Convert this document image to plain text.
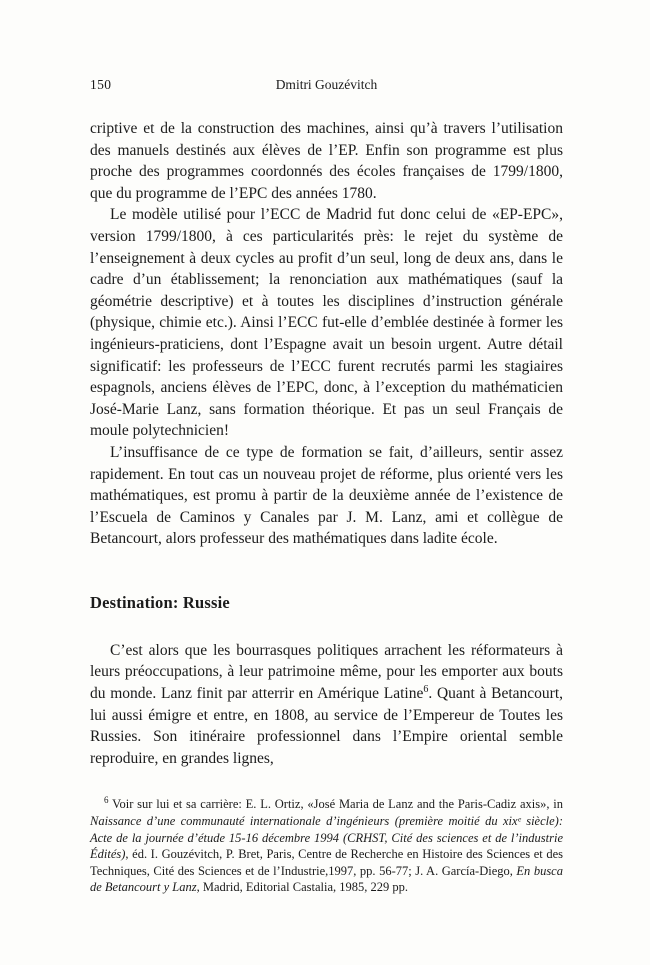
150	Dmitri Gouzévitch

criptive et de la construction des machines, ainsi qu’à travers l’utilisation des manuels destinés aux élèves de l’EP. Enfin son programme est plus proche des programmes coordonnés des écoles françaises de 1799/1800, que du programme de l’EPC des années 1780.

Le modèle utilisé pour l’ECC de Madrid fut donc celui de «EP-EPC», version 1799/1800, à ces particularités près: le rejet du système de l’enseignement à deux cycles au profit d’un seul, long de deux ans, dans le cadre d’un établissement; la renonciation aux mathématiques (sauf la géométrie descriptive) et à toutes les disciplines d’instruction générale (physique, chimie etc.). Ainsi l’ECC fut-elle d’emblée destinée à former les ingénieurs-praticiens, dont l’Espagne avait un besoin urgent. Autre détail significatif: les professeurs de l’ECC furent recrutés parmi les stagiaires espagnols, anciens élèves de l’EPC, donc, à l’exception du mathématicien José-Marie Lanz, sans formation théorique. Et pas un seul Français de moule polytechnicien!

L’insuffisance de ce type de formation se fait, d’ailleurs, sentir assez rapidement. En tout cas un nouveau projet de réforme, plus orienté vers les mathématiques, est promu à partir de la deuxième année de l’existence de l’Escuela de Caminos y Canales par J. M. Lanz, ami et collègue de Betancourt, alors professeur des mathématiques dans ladite école.

Destination: Russie

C’est alors que les bourrasques politiques arrachent les réformateurs à leurs préoccupations, à leur patrimoine même, pour les emporter aux bouts du monde. Lanz finit par atterrir en Amérique Latine$^6$. Quant à Betancourt, lui aussi émigre et entre, en 1808, au service de l’Empereur de Toutes les Russies. Son itinéraire professionnel dans l’Empire oriental semble reproduire, en grandes lignes,

$^6$ Voir sur lui et sa carrière: E. L. Ortiz, «José Maria de Lanz and the Paris-Cadiz axis», in Naissance d’une communauté internationale d’ingénieurs (première moitié du xixᵉ siècle): Acte de la journée d’étude 15-16 décembre 1994 (CRHST, Cité des sciences et de l’industrie Édités), éd. I. Gouzévitch, P. Bret, Paris, Centre de Recherche en Histoire des Sciences et des Techniques, Cité des Sciences et de l’Industrie,1997, pp. 56-77; J. A. García-Diego, En busca de Betancourt y Lanz, Madrid, Editorial Castalia, 1985, 229 pp.
